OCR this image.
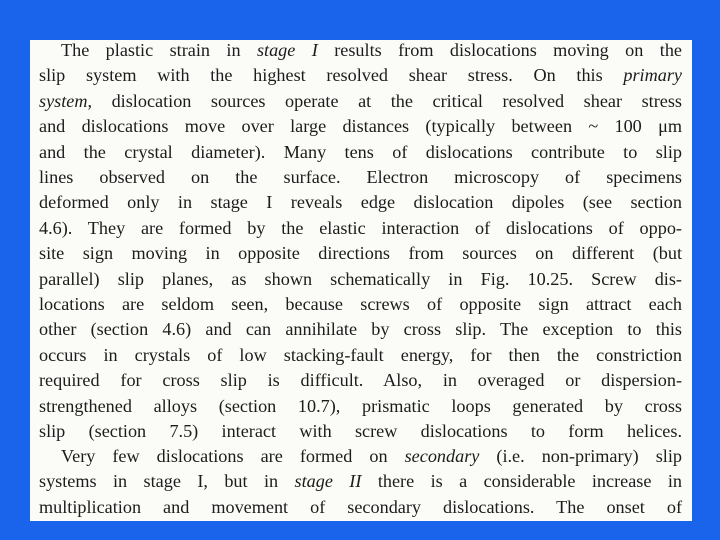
The plastic strain in stage I results from dislocations moving on the
slip system with the highest resolved shear stress. On this primary
system, dislocation sources operate at the critical resolved shear stress
and dislocations move over large distances (typically between ~ 100 μm
and the crystal diameter). Many tens of dislocations contribute to slip
lines observed on the surface. Electron microscopy of specimens
deformed only in stage I reveals edge dislocation dipoles (see section
4.6). They are formed by the elastic interaction of dislocations of oppo-
site sign moving in opposite directions from sources on different (but
parallel) slip planes, as shown schematically in Fig. 10.25. Screw dis-
locations are seldom seen, because screws of opposite sign attract each
other (section 4.6) and can annihilate by cross slip. The exception to this
occurs in crystals of low stacking-fault energy, for then the constriction
required for cross slip is difficult. Also, in overaged or dispersion-
strengthened alloys (section 10.7), prismatic loops generated by cross
slip (section 7.5) interact with screw dislocations to form helices.
Very few dislocations are formed on secondary (i.e. non-primary) slip
systems in stage I, but in stage II there is a considerable increase in
multiplication and movement of secondary dislocations. The onset of
